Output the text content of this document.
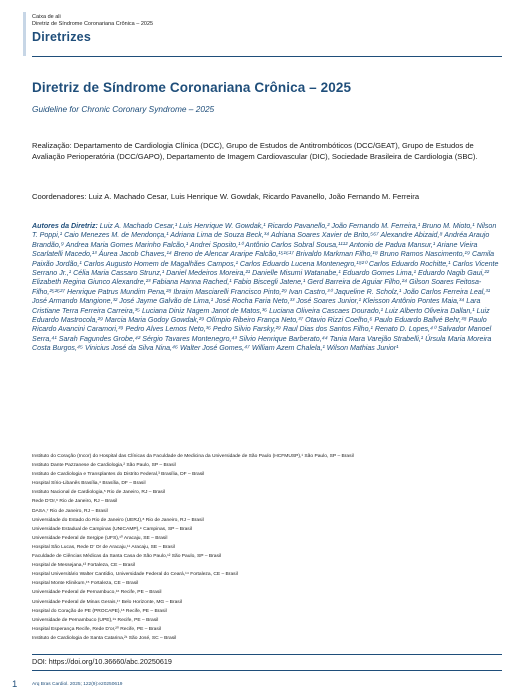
Caixa de ali
Diretriz de Síndrome Coronariana Crônica – 2025
Diretrizes
Diretriz de Síndrome Coronariana Crônica – 2025
Guideline for Chronic Coronary Syndrome – 2025
Realização: Departamento de Cardiologia Clínica (DCC), Grupo de Estudos de Antitrombóticos (DCC/GEAT), Grupo de Estudos de Avaliação Perioperatória (DCC/GAPO), Departamento de Imagem Cardiovascular (DIC), Sociedade Brasileira de Cardiologia (SBC).
Coordenadores: Luiz A. Machado Cesar, Luis Henrique W. Gowdak, Ricardo Pavanello, João Fernando M. Ferreira
Autores da Diretriz: Luiz A. Machado Cesar,¹ Luis Henrique W. Gowdak,¹ Ricardo Pavanello,² João Fernando M. Ferreira,¹ Bruno M. Mioto,¹ Nilson T. Poppi,¹ Caio Menezes M. de Mendonça,¹ Adriana Lima de Souza Beck,³⁴ Adriana Soares Xavier de Brito,⁵⁶⁷ Alexandre Abizaid,⁸ Andréa Araujo Brandão,⁹ Andrea Maria Gomes Marinho Falcão,¹ Andrei Sposito,¹⁰ Antônio Carlos Sobral Sousa,¹¹¹² Antonio de Padua Mansur,¹ Ariane Vieira Scarlatelli Macedo,¹³ Áurea Jacob Chaves,¹⁴ Breno de Alencar Araripe Falcão,¹⁵¹⁶¹⁷ Brivaldo Markman Filho,¹⁸ Bruno Ramos Nascimento,¹⁹ Camila Paixão Jordão,¹ Carlos Augusto Homem de Magalhães Campos,¹ Carlos Eduardo Lucena Montenegro,¹⁸²⁰ Carlos Eduardo Rochitte,¹ Carlos Vicente Serrano Jr.,¹ Célia Maria Cassaro Strunz,¹ Daniel Medeiros Moreira,²¹ Danielle Misumi Watanabe,¹ Eduardo Gomes Lima,¹ Eduardo Nagib Gaui,²² Elizabeth Regina Giunco Alexandre,²³ Fabiana Hanna Rached,¹ Fabio Biscegli Jatene,¹ Gerd Barreira de Aguiar Filho,²⁴ Gilson Soares Feitosa-Filho,²⁵²⁶²⁷ Henrique Patrus Mundim Pena,²⁸ Ibraim Masciarelli Francisco Pinto,²⁹ Ivan Castro,³⁰ Jaqueline R. Scholz,¹ João Carlos Ferreira Leal,³¹ José Armando Mangione,³² José Jayme Galvão de Lima,¹ José Rocha Faria Neto,³³ José Soares Junior,¹ Kleisson Antônio Pontes Maia,³⁴ Lara Cristiane Terra Ferreira Carreira,³⁵ Luciana Diniz Nagem Janot de Matos,³⁶ Luciana Oliveira Cascaes Dourado,¹ Luiz Alberto Oliveira Dallan,¹ Luiz Eduardo Mastrocola,²⁹ Marcia Maria Godoy Gowdak,²⁹ Olímpio Ribeiro França Neto,³⁷ Otavio Rizzi Coelho,⁶ Paulo Eduardo Ballvé Behr,³⁸ Paulo Ricardo Avancini Caramori,³⁹ Pedro Alves Lemos Neto,³⁶ Pedro Silvio Farsky,²⁹ Raul Dias dos Santos Filho,¹ Renato D. Lopes,⁴⁰ Salvador Manoel Serra,⁴¹ Sarah Fagundes Grobe,⁴² Sérgio Tavares Montenegro,⁴³ Silvio Henrique Barberato,⁴⁴ Tania Mara Varejão Strabelli,¹ Úrsula Maria Moreira Costa Burgos,⁴⁵ Vinicius José da Silva Nina,⁴⁶ Walter José Gomes,⁴⁷ William Azem Chalela,¹ Wilson Mathias Junior¹
Instituto do Coração (Incor) do Hospital das Clínicas da Faculdade de Medicina da Universidade de São Paulo (HCFMUSP),¹ São Paulo, SP – Brasil
Instituto Dante Pazzanese de Cardiologia,² São Paulo, SP – Brasil
Instituto de Cardiologia e Transplantes do Distrito Federal,³ Brasília, DF – Brasil
Hospital Sírio-Libanês Brasília,⁴ Brasília, DF – Brasil
Instituto Nacional de Cardiologia,⁵ Rio de Janeiro, RJ – Brasil
Rede D'Or,⁶ Rio de Janeiro, RJ – Brasil
DASA,⁷ Rio de Janeiro, RJ – Brasil
Universidade do Estado do Rio de Janeiro (UERJ),⁸ Rio de Janeiro, RJ – Brasil
Universidade Estadual de Campinas (UNICAMP),⁹ Campinas, SP – Brasil
Universidade Federal de Sergipe (UFS),¹⁰ Aracaju, SE – Brasil
Hospital São Lucas, Rede D' Or de Aracaju,¹¹ Aracaju, SE – Brasil
Faculdade de Ciências Médicas da Santa Casa de São Paulo,¹² São Paulo, SP – Brasil
Hospital de Messejana,¹³ Fortaleza, CE – Brasil
Hospital Universitário Walter Cantídio, Universidade Federal do Ceará,¹⁴ Fortaleza, CE – Brasil
Hospital Monte Klinikum,¹⁵ Fortaleza, CE – Brasil
Universidade Federal de Pernambuco,¹⁶ Recife, PE – Brasil
Universidade Federal de Minas Gerais,¹⁷ Belo Horizonte, MG – Brasil
Hospital do Coração de PE (PROCAPE),¹⁸ Recife, PE – Brasil
Universidade de Pernambuco (UPE),¹⁹ Recife, PE – Brasil
Hospital Esperança Recife, Rede D'or,²⁰ Recife, PE – Brasil
Instituto de Cardiologia de Santa Catarina,²¹ São José, SC – Brasil
DOI: https://doi.org/10.36660/abc.20250619
1	Arq Bras Cardiol. 2025; 122(9):e20250619
